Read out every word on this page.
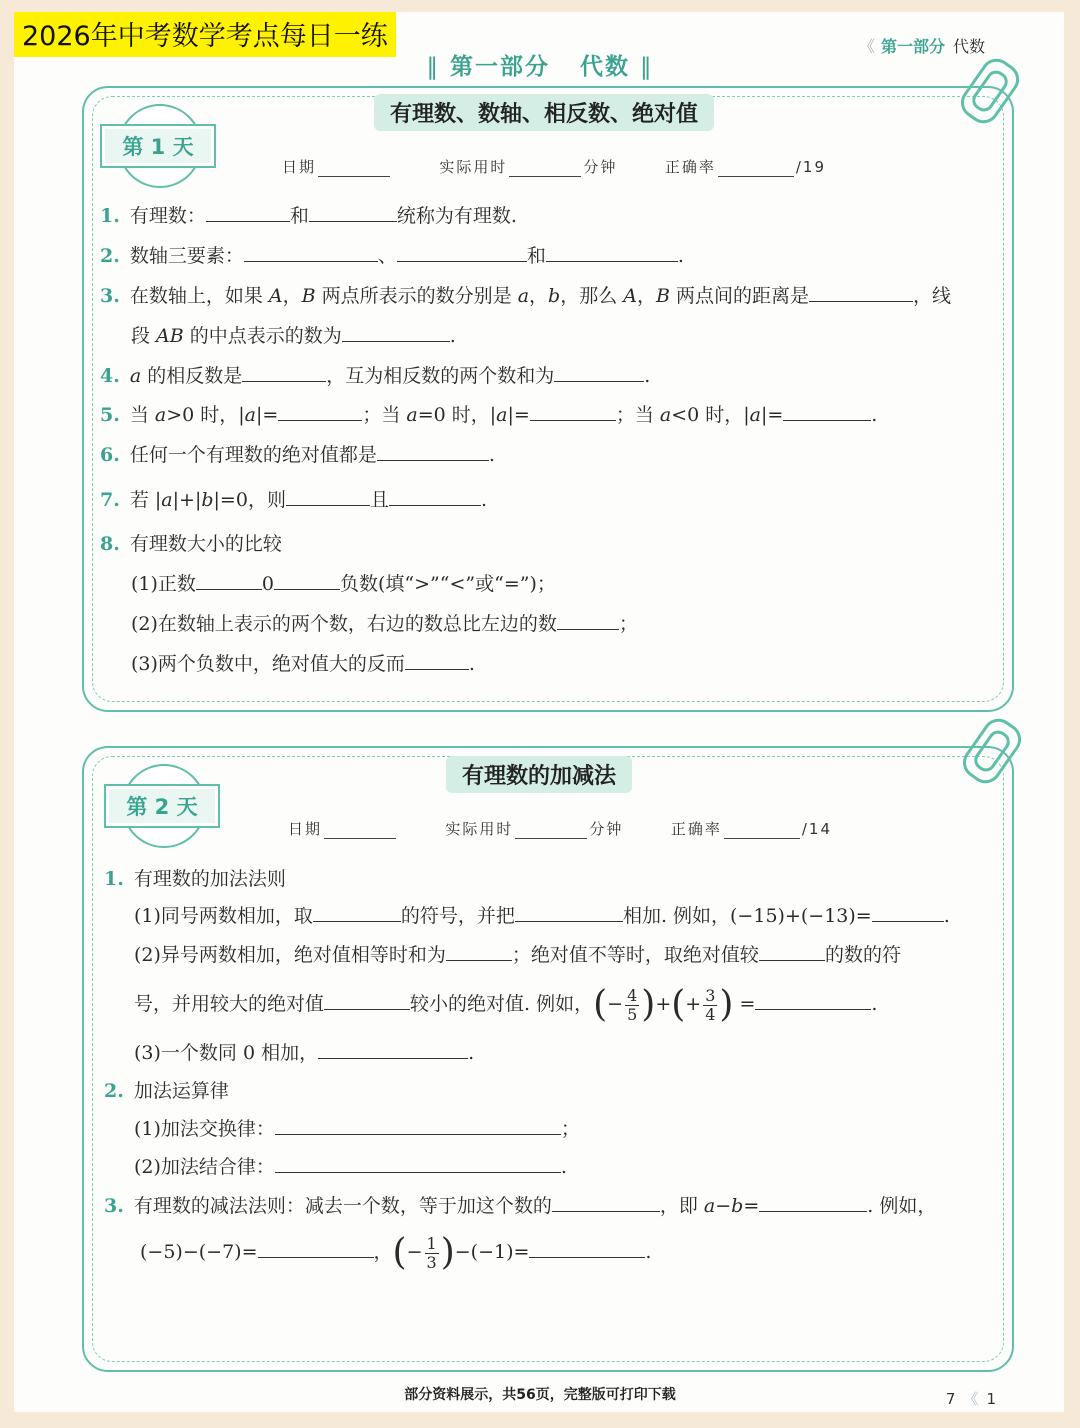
2026年中考数学考点每日一练	《 第一部分 代数
‖ 第一部分 代数 ‖
有理数、数轴、相反数、绝对值
第 1 天
日期	实际用时	分钟	正确率	/19
1. 有理数：	和	统称为有理数.
2. 数轴三要素：	、	和	.
3. 在数轴上，如果 A，B 两点所表示的数分别是 a，b，那么 A，B 两点间的距离是	，线
段 AB 的中点表示的数为	.
4. a 的相反数是	，互为相反数的两个数和为	.
5. 当 a>0 时，|a|=	；当 a=0 时，|a|=	；当 a<0 时，|a|=	.
6. 任何一个有理数的绝对值都是	.
7. 若 |a|+|b|=0，则	且	.
8. 有理数大小的比较
(1)正数	0	负数(填“>”“<”或“=”)；
(2)在数轴上表示的两个数，右边的数总比左边的数	；
(3)两个负数中，绝对值大的反而	.
有理数的加减法
第 2 天
日期	实际用时	分钟	正确率	/14
1. 有理数的加法法则
(1)同号两数相加，取	的符号，并把	相加. 例如，(−15)+(−13)=	.
(2)异号两数相加，绝对值相等时和为	；绝对值不等时，取绝对值较	的数的符
号，并用较大的绝对值	较小的绝对值. 例如，(− $\frac{4}{5}$ )+(+ $\frac{3}{4}$ ) =	.
(3)一个数同 0 相加，	.
2. 加法运算律
(1)加法交换律：	；
(2)加法结合律：	.
3. 有理数的减法法则：减去一个数，等于加这个数的	，即 a−b=	. 例如，
(−5)−(−7)=	，(− $\frac{1}{3} )-(-1)=$	.
部分资料展示，共56页，完整版可打印下载	7 《 1
